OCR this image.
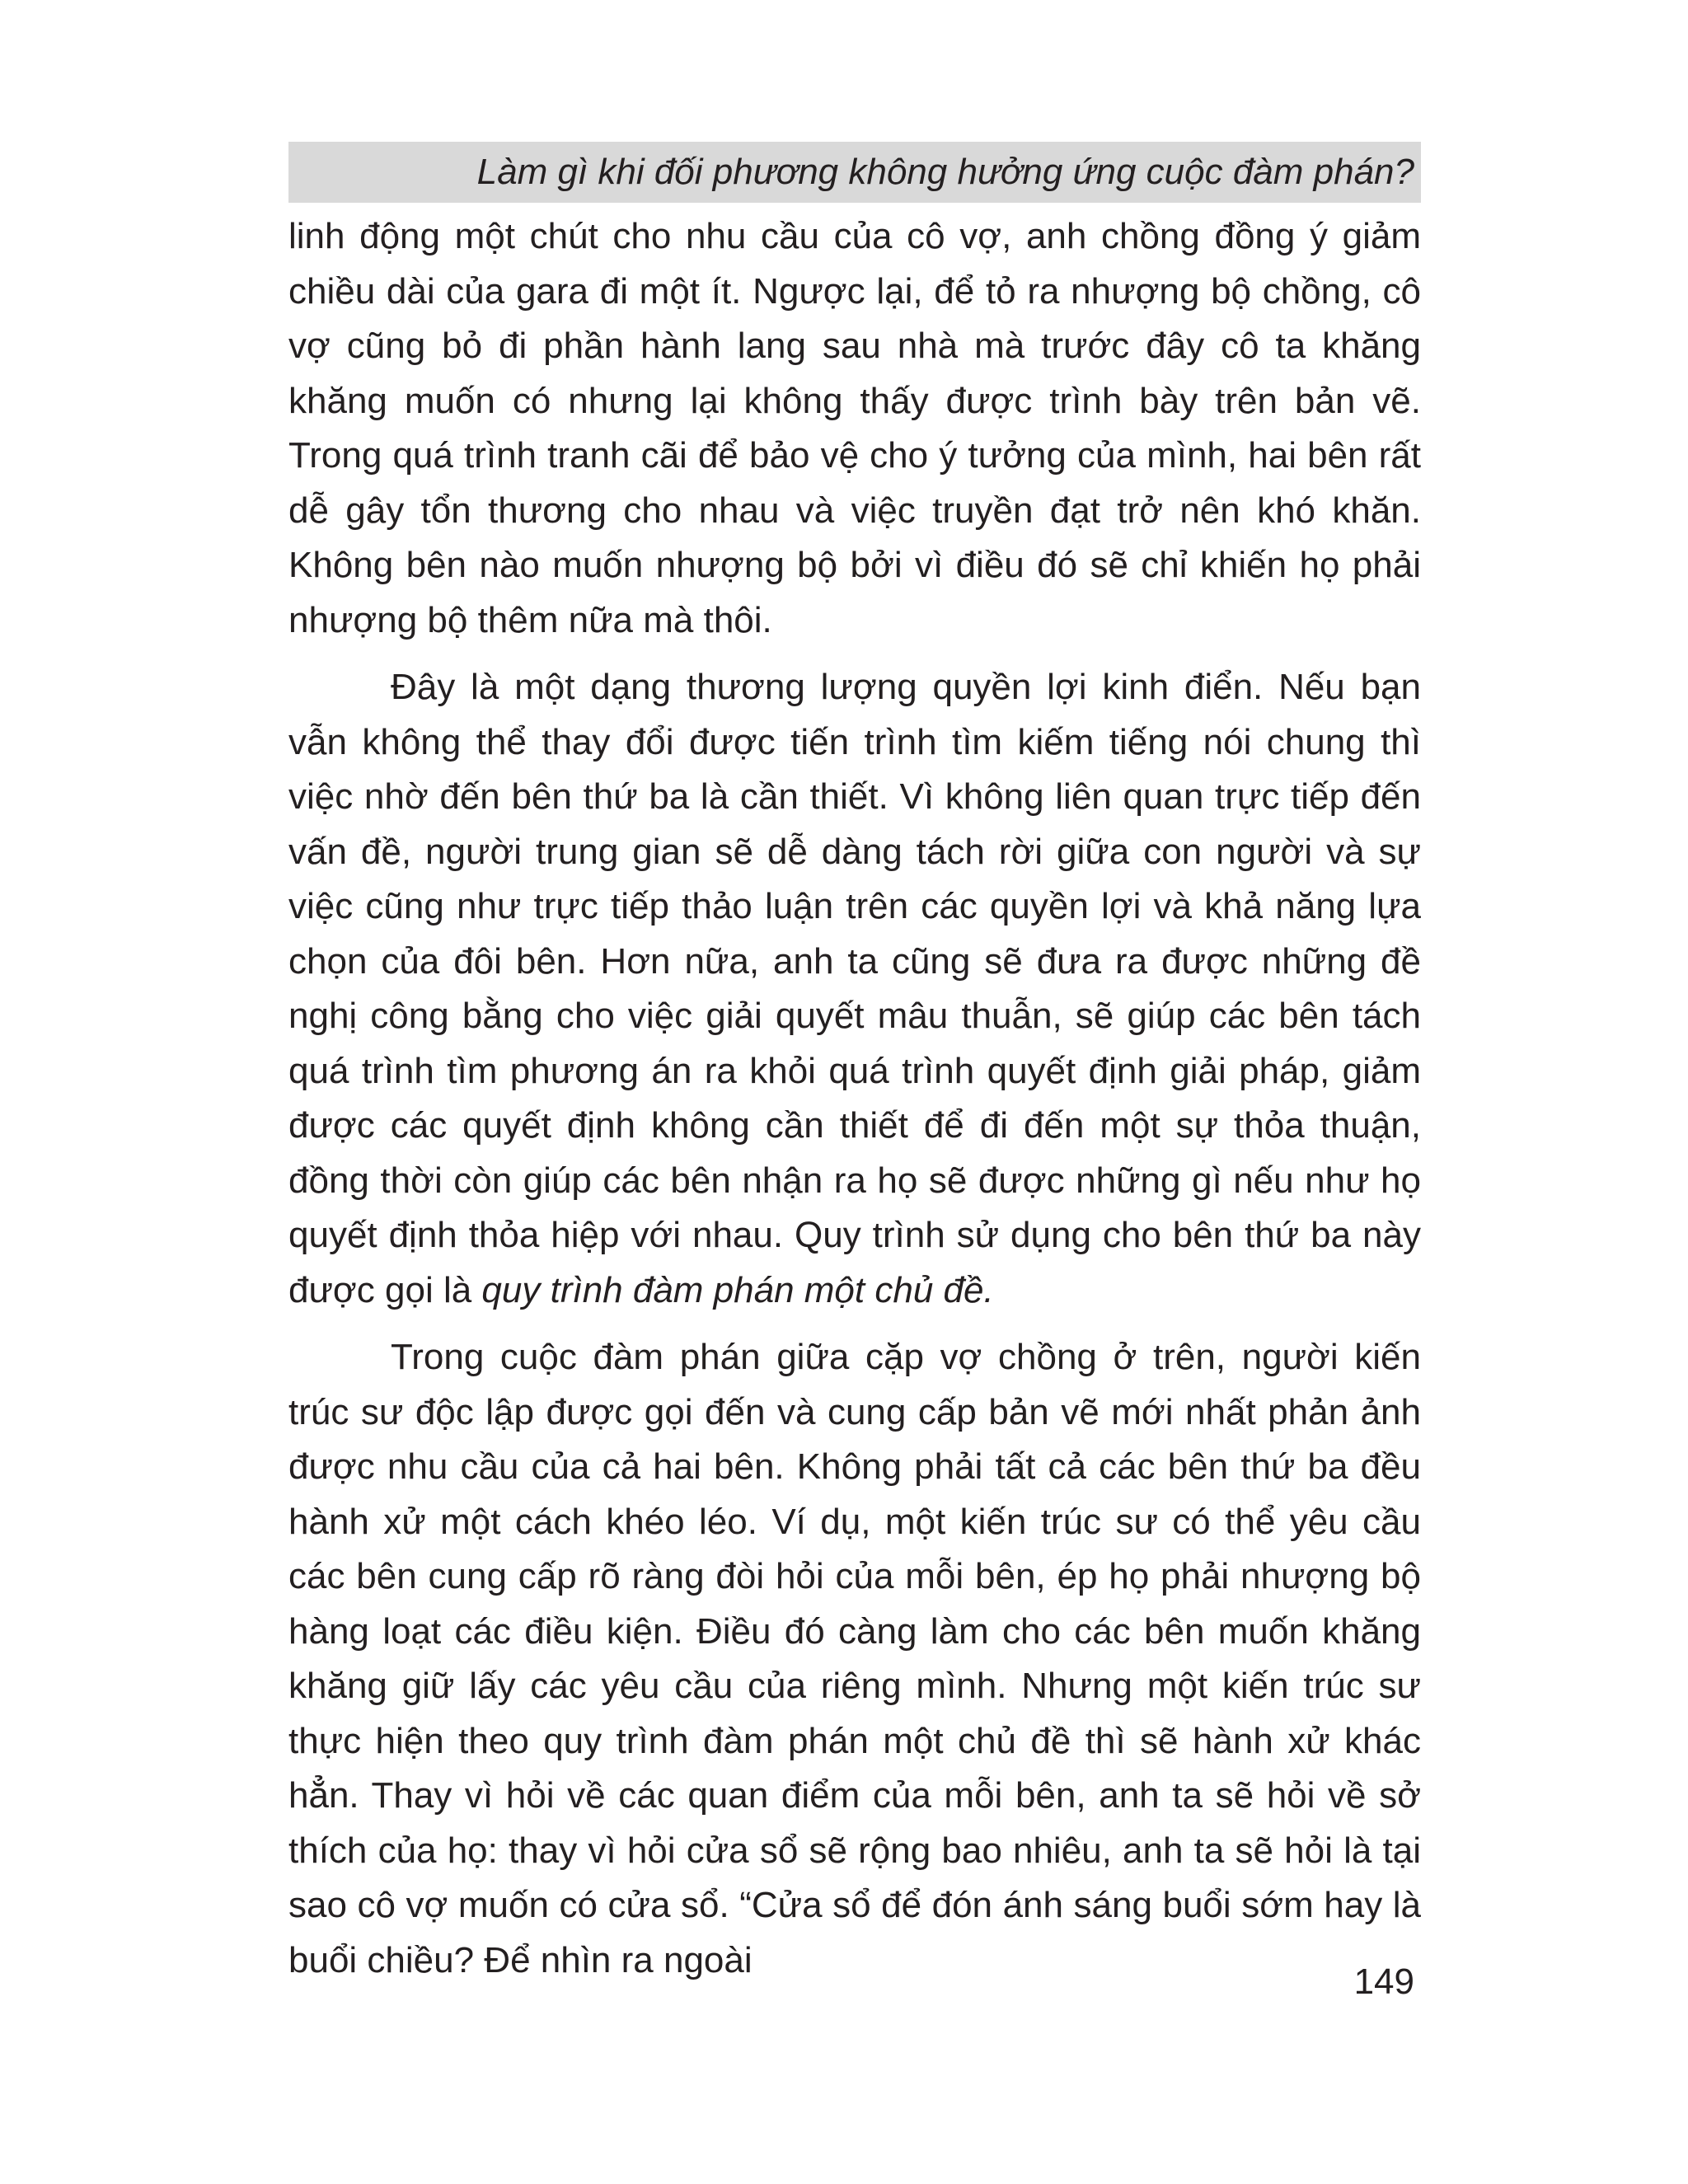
Làm gì khi đối phương không hưởng ứng cuộc đàm phán?

linh động một chút cho nhu cầu của cô vợ, anh chồng đồng ý giảm chiều dài của gara đi một ít. Ngược lại, để tỏ ra nhượng bộ chồng, cô vợ cũng bỏ đi phần hành lang sau nhà mà trước đây cô ta khăng khăng muốn có nhưng lại không thấy được trình bày trên bản vẽ. Trong quá trình tranh cãi để bảo vệ cho ý tưởng của mình, hai bên rất dễ gây tổn thương cho nhau và việc truyền đạt trở nên khó khăn. Không bên nào muốn nhượng bộ bởi vì điều đó sẽ chỉ khiến họ phải nhượng bộ thêm nữa mà thôi.

Đây là một dạng thương lượng quyền lợi kinh điển. Nếu bạn vẫn không thể thay đổi được tiến trình tìm kiếm tiếng nói chung thì việc nhờ đến bên thứ ba là cần thiết. Vì không liên quan trực tiếp đến vấn đề, người trung gian sẽ dễ dàng tách rời giữa con người và sự việc cũng như trực tiếp thảo luận trên các quyền lợi và khả năng lựa chọn của đôi bên. Hơn nữa, anh ta cũng sẽ đưa ra được những đề nghị công bằng cho việc giải quyết mâu thuẫn, sẽ giúp các bên tách quá trình tìm phương án ra khỏi quá trình quyết định giải pháp, giảm được các quyết định không cần thiết để đi đến một sự thỏa thuận, đồng thời còn giúp các bên nhận ra họ sẽ được những gì nếu như họ quyết định thỏa hiệp với nhau. Quy trình sử dụng cho bên thứ ba này được gọi là quy trình đàm phán một chủ đề.

Trong cuộc đàm phán giữa cặp vợ chồng ở trên, người kiến trúc sư độc lập được gọi đến và cung cấp bản vẽ mới nhất phản ảnh được nhu cầu của cả hai bên. Không phải tất cả các bên thứ ba đều hành xử một cách khéo léo. Ví dụ, một kiến trúc sư có thể yêu cầu các bên cung cấp rõ ràng đòi hỏi của mỗi bên, ép họ phải nhượng bộ hàng loạt các điều kiện. Điều đó càng làm cho các bên muốn khăng khăng giữ lấy các yêu cầu của riêng mình. Nhưng một kiến trúc sư thực hiện theo quy trình đàm phán một chủ đề thì sẽ hành xử khác hẳn. Thay vì hỏi về các quan điểm của mỗi bên, anh ta sẽ hỏi về sở thích của họ: thay vì hỏi cửa sổ sẽ rộng bao nhiêu, anh ta sẽ hỏi là tại sao cô vợ muốn có cửa sổ. “Cửa sổ để đón ánh sáng buổi sớm hay là buổi chiều? Để nhìn ra ngoài

149
